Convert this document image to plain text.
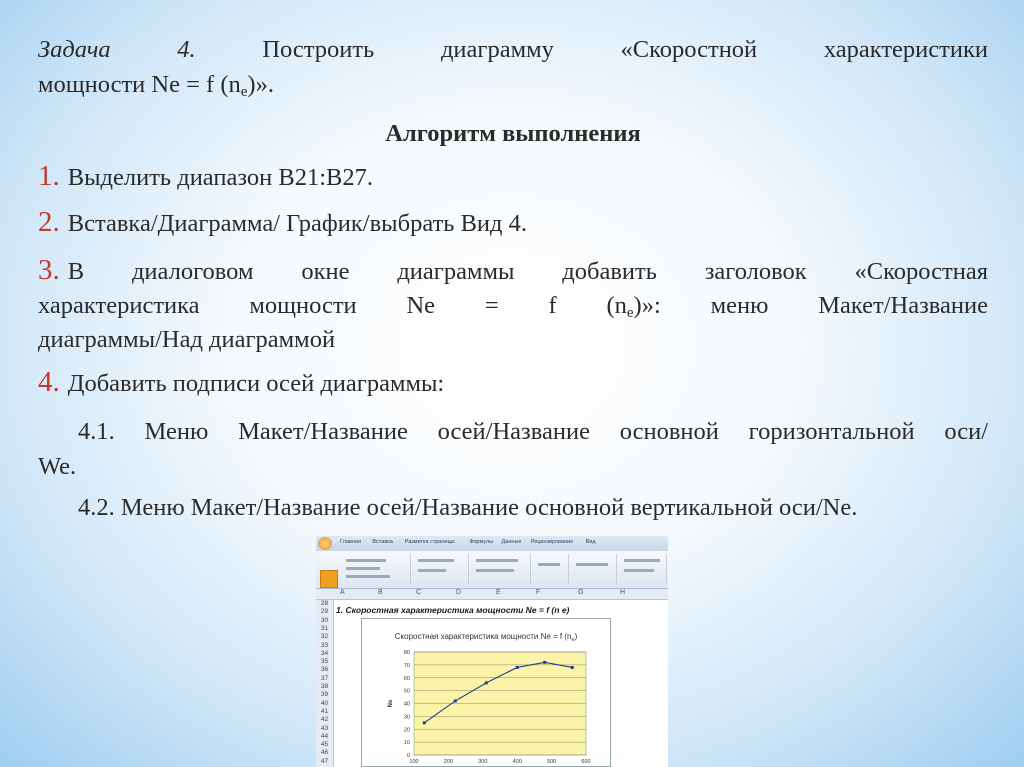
Задача 4. Построить диаграмму «Скоростной характеристики
мощности Ne = f $(n_e)$».
Алгоритм выполнения
1. Выделить диапазон B21:B27.
2. Вставка/Диаграмма/ График/выбрать Вид 4.
3. В диалоговом окне диаграммы добавить заголовок «Скоростная
характеристика мощности Ne = f $(n_e)$»: меню Макет/Название
диаграммы/Над диаграммой
4. Добавить подписи осей диаграммы:
4.1. Меню Макет/Название осей/Название основной горизонтальной оси/
We.
4.2. Меню Макет/Название осей/Название основной вертикальной оси/Ne.
Главная Вставка Разметка страницы	Формулы Данные Рецензирование Вид
A	B	C	D	E	F	G	H
28
29
30
31
32
33
34
35
36
37
38
39
40
41
42
43
44
45
46
47
1. Скоростная характеристика мощности Ne = f (n e)
Скоростная характеристика мощности Ne = f $(n_e)$
0
10
20
30
40
50
60
70
80
100	200	300	400	500	600
Ne
